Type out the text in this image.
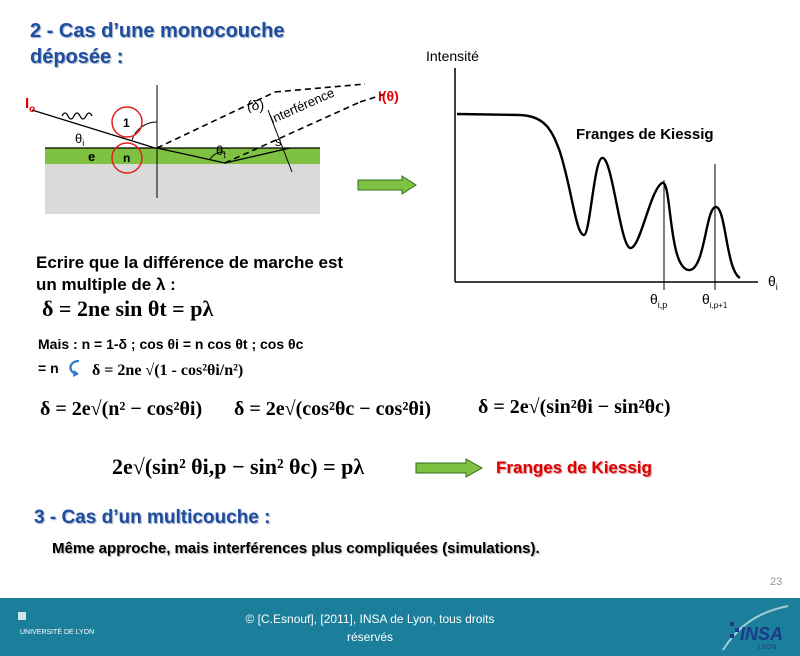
2 - Cas d’une monocouche
déposée :
$I_o$
I(θ)
(δ) Interférence
s
1
n
e
$\theta_i$	$\theta_t$
Intensité
$\theta_i$
Franges de Kiessig
$\theta_{i,p}$ $\theta_{i,p+1}$
Ecrire que la différence de marche est
un multiple de λ :
δ = 2ne sin θt = pλ
Mais : n = 1-δ ; cos θi = n cos θt ; cos θc
= n δ = 2ne √(1 - cos²θi/n²)
δ = 2e√(n² − cos²θi) δ = 2e√(cos²θc − cos²θi) δ = 2e√(sin²θi − sin²θc)
2e√(sin² θi,p − sin² θc) = pλ	Franges de Kiessig
3 - Cas d’un multicouche :
Même approche, mais interférences plus compliquées (simulations).
23
© [C.Esnouf], [2011], INSA de Lyon, tous droits
réservés
UNIVERSITÉ DE LYON	INSA
LYON
